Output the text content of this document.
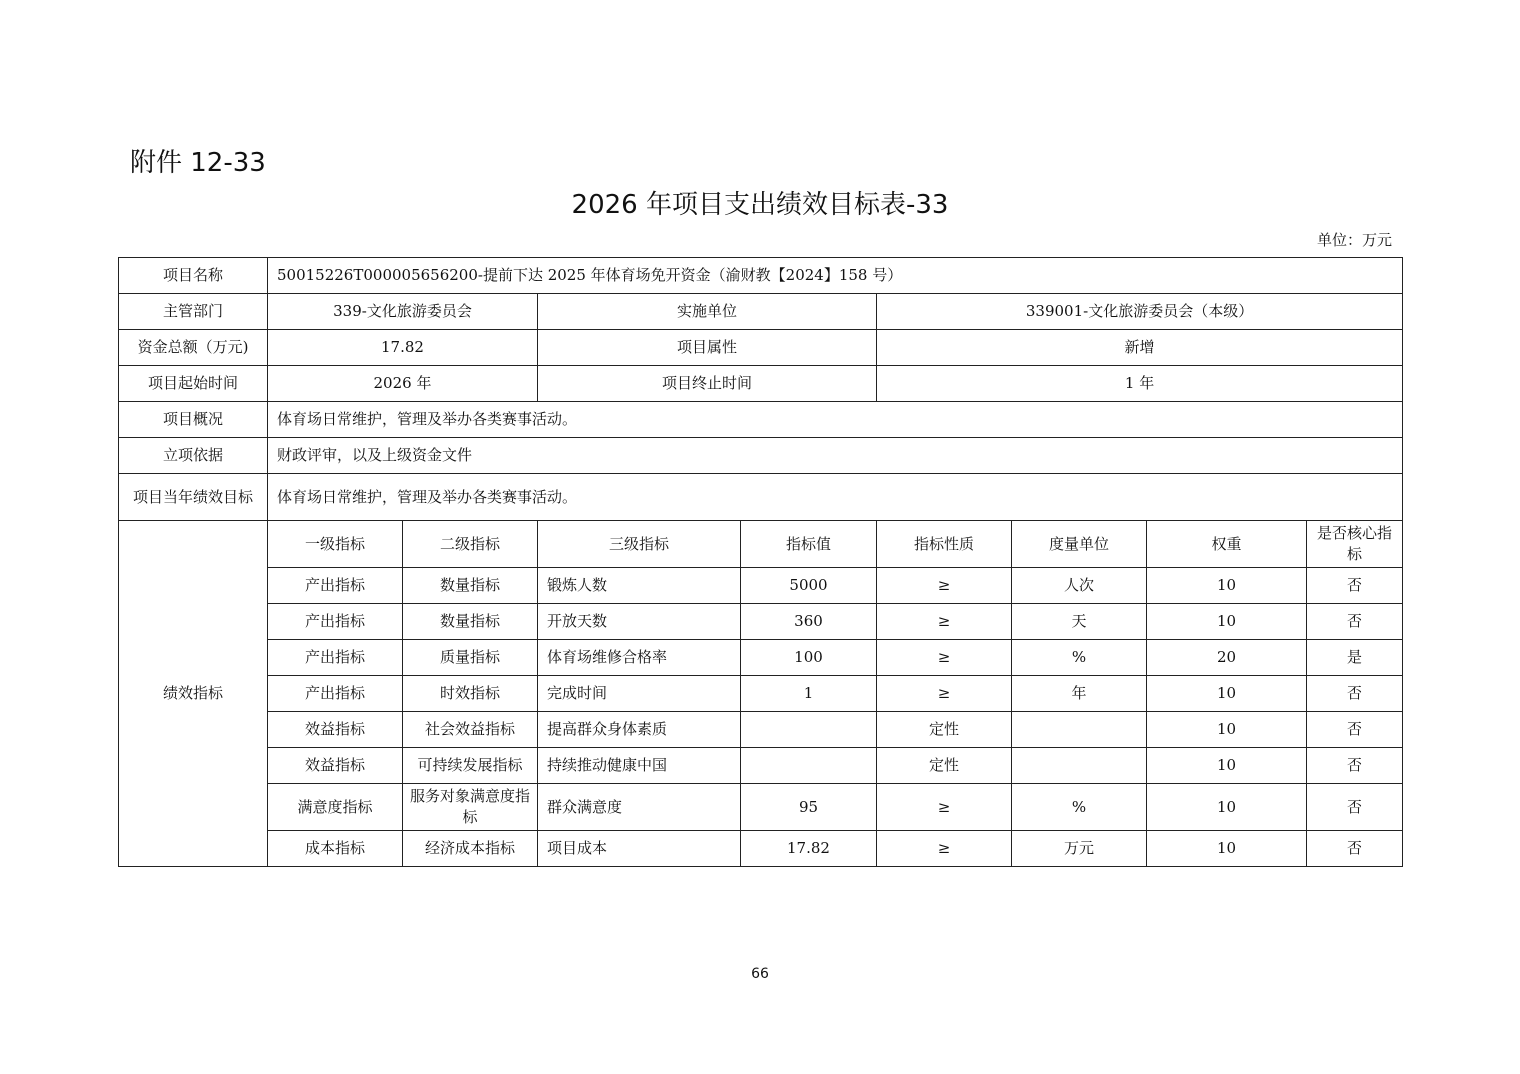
附件 12-33
2026 年项目支出绩效目标表-33
单位：万元
项目名称	50015226T000005656200-提前下达 2025 年体育场免开资金（渝财教【2024】158 号）							
主管部门	339-文化旅游委员会		实施单位		339001-文化旅游委员会（本级）			
资金总额（万元)	17.82		项目属性		新增			
项目起始时间	2026 年		项目终止时间		1 年			
项目概况	体育场日常维护，管理及举办各类赛事活动。							
立项依据	财政评审，以及上级资金文件							
项目当年绩效目标	体育场日常维护，管理及举办各类赛事活动。							
绩效指标	一级指标	二级指标	三级指标	指标值	指标性质	度量单位	权重	是否核心指标
	产出指标	数量指标	锻炼人数	5000	≥	人次	10	否
	产出指标	数量指标	开放天数	360	≥	天	10	否
	产出指标	质量指标	体育场维修合格率	100	≥	%	20	是
	产出指标	时效指标	完成时间	1	≥	年	10	否
	效益指标	社会效益指标	提高群众身体素质		定性		10	否
	效益指标	可持续发展指标	持续推动健康中国		定性		10	否
	满意度指标	服务对象满意度指标	群众满意度	95	≥	%	10	否
	成本指标	经济成本指标	项目成本	17.82	≥	万元	10	否
66
